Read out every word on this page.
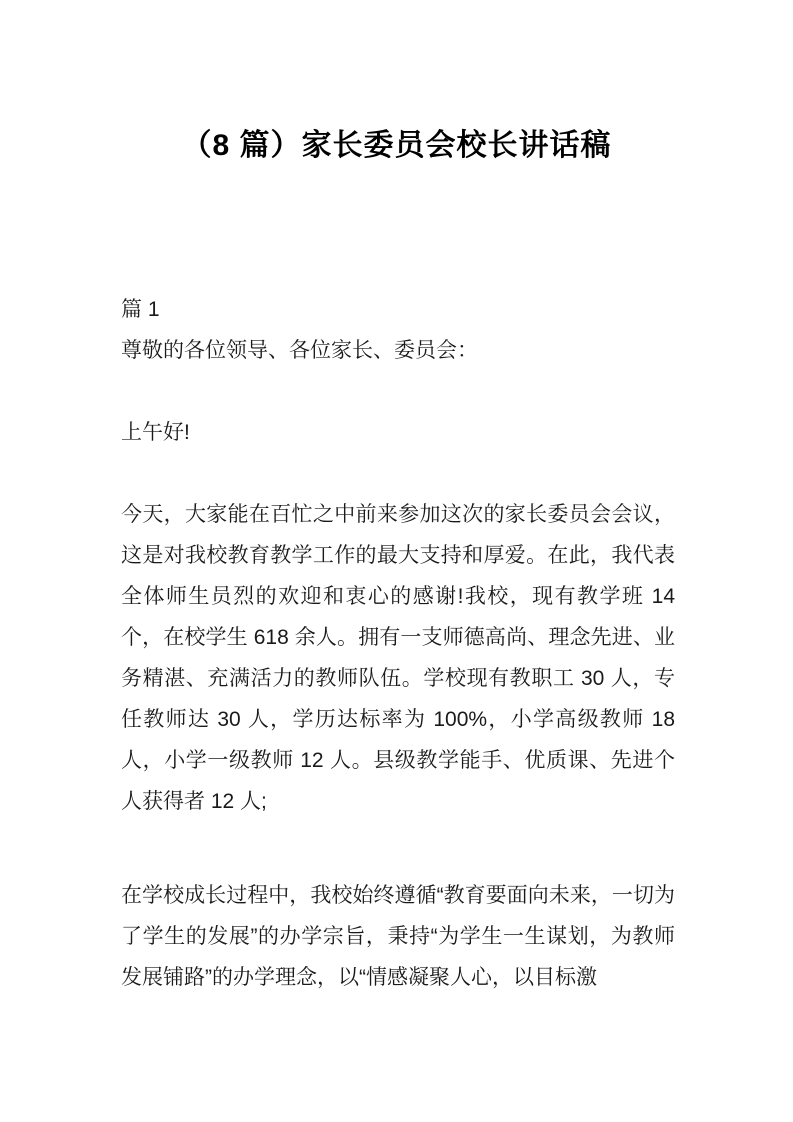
（8 篇）家长委员会校长讲话稿

篇 1

尊敬的各位领导、各位家长、委员会：

上午好!

今天，大家能在百忙之中前来参加这次的家长委员会会议，这是对我校教育教学工作的最大支持和厚爱。在此，我代表全体师生员烈的欢迎和衷心的感谢!我校，现有教学班 14 个，在校学生 618 余人。拥有一支师德高尚、理念先进、业务精湛、充满活力的教师队伍。学校现有教职工 30 人，专任教师达 30 人，学历达标率为 100%，小学高级教师 18 人，小学一级教师 12 人。县级教学能手、优质课、先进个人获得者 12 人;

在学校成长过程中，我校始终遵循“教育要面向未来，一切为了学生的发展”的办学宗旨，秉持“为学生一生谋划，为教师发展铺路”的办学理念，以“情感凝聚人心，以目标激
